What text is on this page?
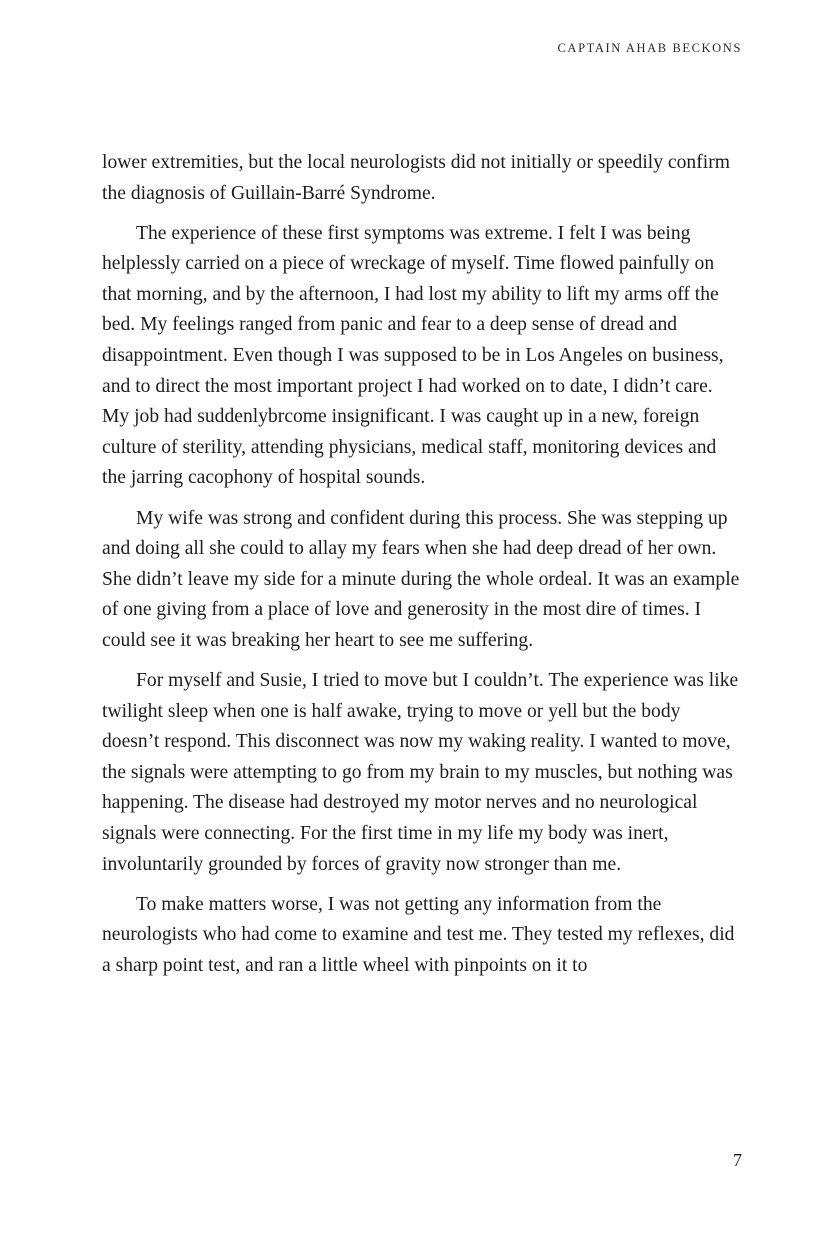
CAPTAIN AHAB BECKONS

lower extremities, but the local neurologists did not initially or speedily confirm the diagnosis of Guillain-Barré Syndrome.

The experience of these first symptoms was extreme. I felt I was being helplessly carried on a piece of wreckage of myself. Time flowed painfully on that morning, and by the afternoon, I had lost my ability to lift my arms off the bed. My feelings ranged from panic and fear to a deep sense of dread and disappointment. Even though I was supposed to be in Los Angeles on business, and to direct the most important project I had worked on to date, I didn’t care. My job had suddenlybrcome insignificant. I was caught up in a new, foreign culture of sterility, attending physicians, medical staff, monitoring devices and the jarring cacophony of hospital sounds.

My wife was strong and confident during this process. She was stepping up and doing all she could to allay my fears when she had deep dread of her own. She didn’t leave my side for a minute during the whole ordeal. It was an example of one giving from a place of love and generosity in the most dire of times. I could see it was breaking her heart to see me suffering.

For myself and Susie, I tried to move but I couldn’t. The experience was like twilight sleep when one is half awake, trying to move or yell but the body doesn’t respond. This disconnect was now my waking reality. I wanted to move, the signals were attempting to go from my brain to my muscles, but nothing was happening. The disease had destroyed my motor nerves and no neurological signals were connecting. For the first time in my life my body was inert, involuntarily grounded by forces of gravity now stronger than me.

To make matters worse, I was not getting any information from the neurologists who had come to examine and test me. They tested my reflexes, did a sharp point test, and ran a little wheel with pinpoints on it to

7
